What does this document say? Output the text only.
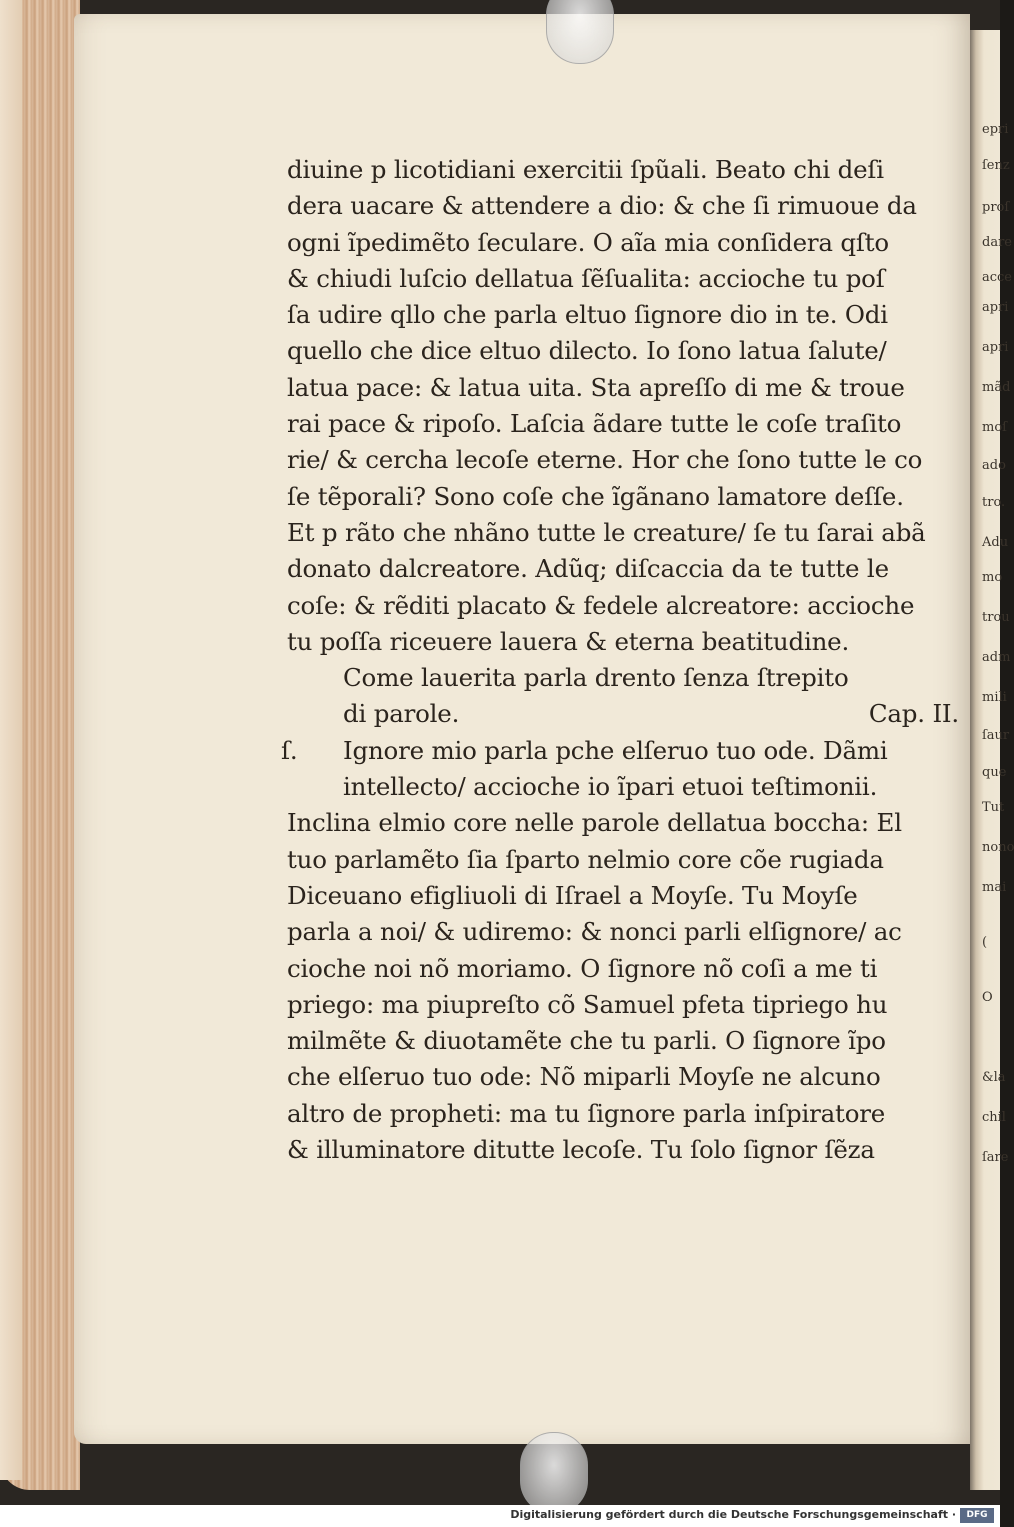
epri
ſenz
proſ
dare
acce
apri
apri
mãd
moſ
ado
tro.
Adu
mo
trou
adm
mili
ſaur
que
Tut
nono
mai
(
O
&la
chil
ſare
diuine p licotidiani exercitii ſpũali. Beato chi deſi
dera uacare & attendere a dio: & che ſi rimuoue da
ogni ĩpedimẽto ſeculare. O aĩa mia conſidera qſto
& chiudi luſcio dellatua ſẽſualita: accioche tu poſ
ſa udire qllo che parla eltuo ſignore dio in te. Odi
quello che dice eltuo dilecto. Io ſono latua ſalute/
latua pace: & latua uita. Sta apreſſo di me & troue
rai pace & ripoſo. Laſcia ãdare tutte le coſe traſito
rie/ & cercha lecoſe eterne. Hor che ſono tutte le co
ſe tẽporali? Sono coſe che ĩgãnano lamatore deſſe.
Et p rãto che nhãno tutte le creature/ ſe tu ſarai abã
donato dalcreatore. Adũq; diſcaccia da te tutte le
coſe: & rẽditi placato & fedele alcreatore: accioche
tu poſſa riceuere lauera & eterna beatitudine.
Come lauerita parla drento ſenza ſtrepito
di parole.	Cap. II.
ſ.	Ignore mio parla pche elſeruo tuo ode. Dãmi
intellecto/ accioche io ĩpari etuoi teſtimonii.
Inclina elmio core nelle parole dellatua boccha: El
tuo parlamẽto ſia ſparto nelmio core cõe rugiada
Diceuano efigliuoli di Iſrael a Moyſe. Tu Moyſe
parla a noi/ & udiremo: & nonci parli elſignore/ ac
cioche noi nõ moriamo. O ſignore nõ coſi a me ti
priego: ma piupreſto cõ Samuel pfeta tipriego hu
milmẽte & diuotamẽte che tu parli. O ſignore ĩpo
che elſeruo tuo ode: Nõ miparli Moyſe ne alcuno
altro de propheti: ma tu ſignore parla inſpiratore
& illuminatore ditutte lecoſe. Tu ſolo ſignor ſẽza
Digitalisierung gefördert durch die Deutsche Forschungsgemeinschaft ·	DFG
